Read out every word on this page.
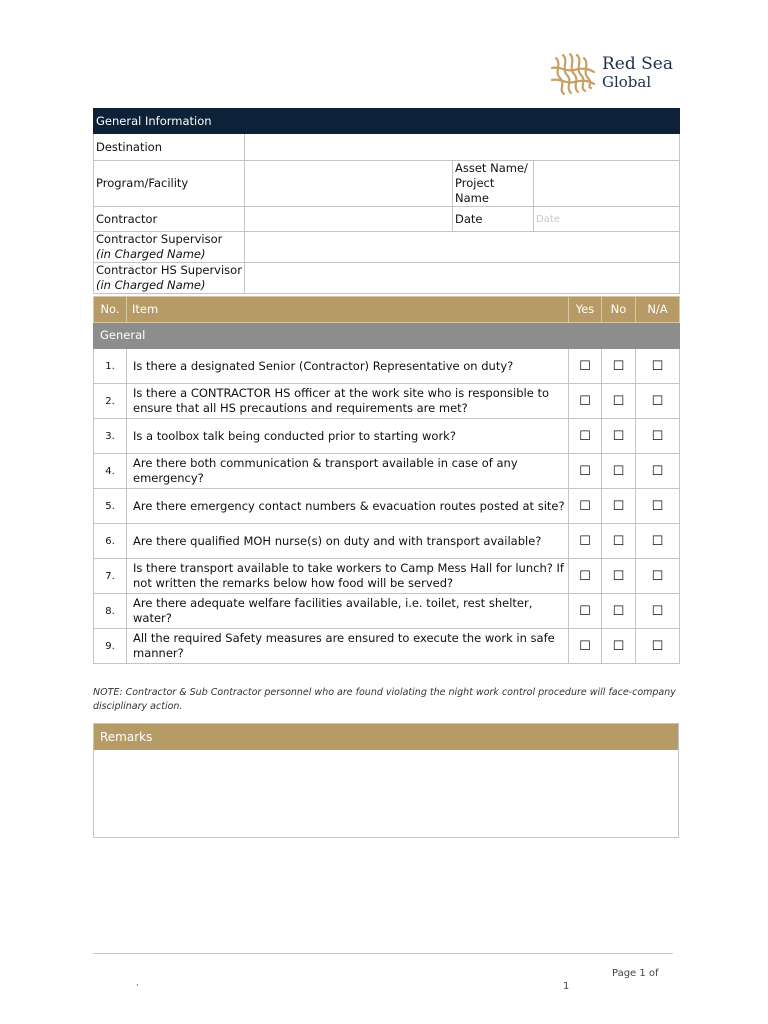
Red Sea
Global
General Information			
Destination			
Program/Facility		Asset Name/
Project Name	
Contractor		Date	Date
Contractor Supervisor
(in Charged Name)			
Contractor HS Supervisor
(in Charged Name)			
No.	Item	Yes	No	N/A
General				
1.	Is there a designated Senior (Contractor) Representative on duty?	☐	☐	☐
2.	Is there a CONTRACTOR HS officer at the work site who is responsible to ensure that all HS precautions and requirements are met?	☐	☐	☐
3.	Is a toolbox talk being conducted prior to starting work?	☐	☐	☐
4.	Are there both communication & transport available in case of any emergency?	☐	☐	☐
5.	Are there emergency contact numbers & evacuation routes posted at site?	☐	☐	☐
6.	Are there qualified MOH nurse(s) on duty and with transport available?	☐	☐	☐
7.	Is there transport available to take workers to Camp Mess Hall for lunch? If not written the remarks below how food will be served?	☐	☐	☐
8.	Are there adequate welfare facilities available, i.e. toilet, rest shelter, water?	☐	☐	☐
9.	All the required Safety measures are ensured to execute the work in safe manner?	☐	☐	☐
NOTE: Contractor & Sub Contractor personnel who are found violating the night work control procedure will face-company disciplinary action.
Remarks
,
Page 1 of
1
